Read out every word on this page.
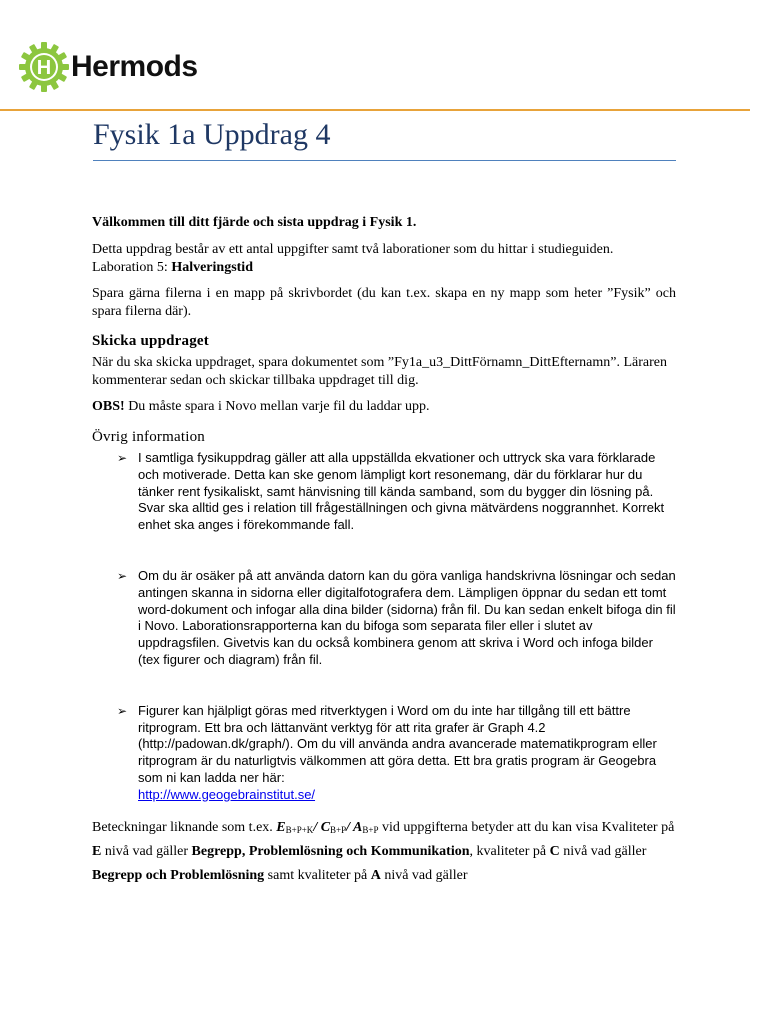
H Hermods
Fysik 1a Uppdrag 4

Välkommen till ditt fjärde och sista uppdrag i Fysik 1.

Detta uppdrag består av ett antal uppgifter samt två laborationer som du hittar i studieguiden.
Laboration 5: Halveringstid

Spara gärna filerna i en mapp på skrivbordet (du kan t.ex. skapa en ny mapp som heter ”Fysik” och spara filerna där).

Skicka uppdraget

När du ska skicka uppdraget, spara dokumentet som ”Fy1a_u3_DittFörnamn_DittEfternamn”. Läraren kommenterar sedan och skickar tillbaka uppdraget till dig.

OBS! Du måste spara i Novo mellan varje fil du laddar upp.

Övrig information
➢ I samtliga fysikuppdrag gäller att alla uppställda ekvationer och uttryck ska vara förklarade och motiverade. Detta kan ske genom lämpligt kort resonemang, där du förklarar hur du tänker rent fysikaliskt, samt hänvisning till kända samband, som du bygger din lösning på. Svar ska alltid ges i relation till frågeställningen och givna mätvärdens noggrannhet. Korrekt enhet ska anges i förekommande fall.
➢ Om du är osäker på att använda datorn kan du göra vanliga handskrivna lösningar och sedan antingen skanna in sidorna eller digitalfotografera dem. Lämpligen öppnar du sedan ett tomt word-dokument och infogar alla dina bilder (sidorna) från fil. Du kan sedan enkelt bifoga din fil i Novo. Laborationsrapporterna kan du bifoga som separata filer eller i slutet av uppdragsfilen. Givetvis kan du också kombinera genom att skriva i Word och infoga bilder (tex figurer och diagram) från fil.
➢ Figurer kan hjälpligt göras med ritverktygen i Word om du inte har tillgång till ett bättre ritprogram. Ett bra och lättanvänt verktyg för att rita grafer är Graph 4.2 (http://padowan.dk/graph/). Om du vill använda andra avancerade matematikprogram eller ritprogram är du naturligtvis välkommen att göra detta. Ett bra gratis program är Geogebra som ni kan ladda ner här:
http://www.geogebrainstitut.se/

Beteckningar liknande som t.ex. EB+P+K/ CB+P/ AB+P vid uppgifterna betyder att du kan visa Kvaliteter på E nivå vad gäller Begrepp, Problemlösning och Kommunikation, kvaliteter på C nivå vad gäller Begrepp och Problemlösning samt kvaliteter på A nivå vad gäller
